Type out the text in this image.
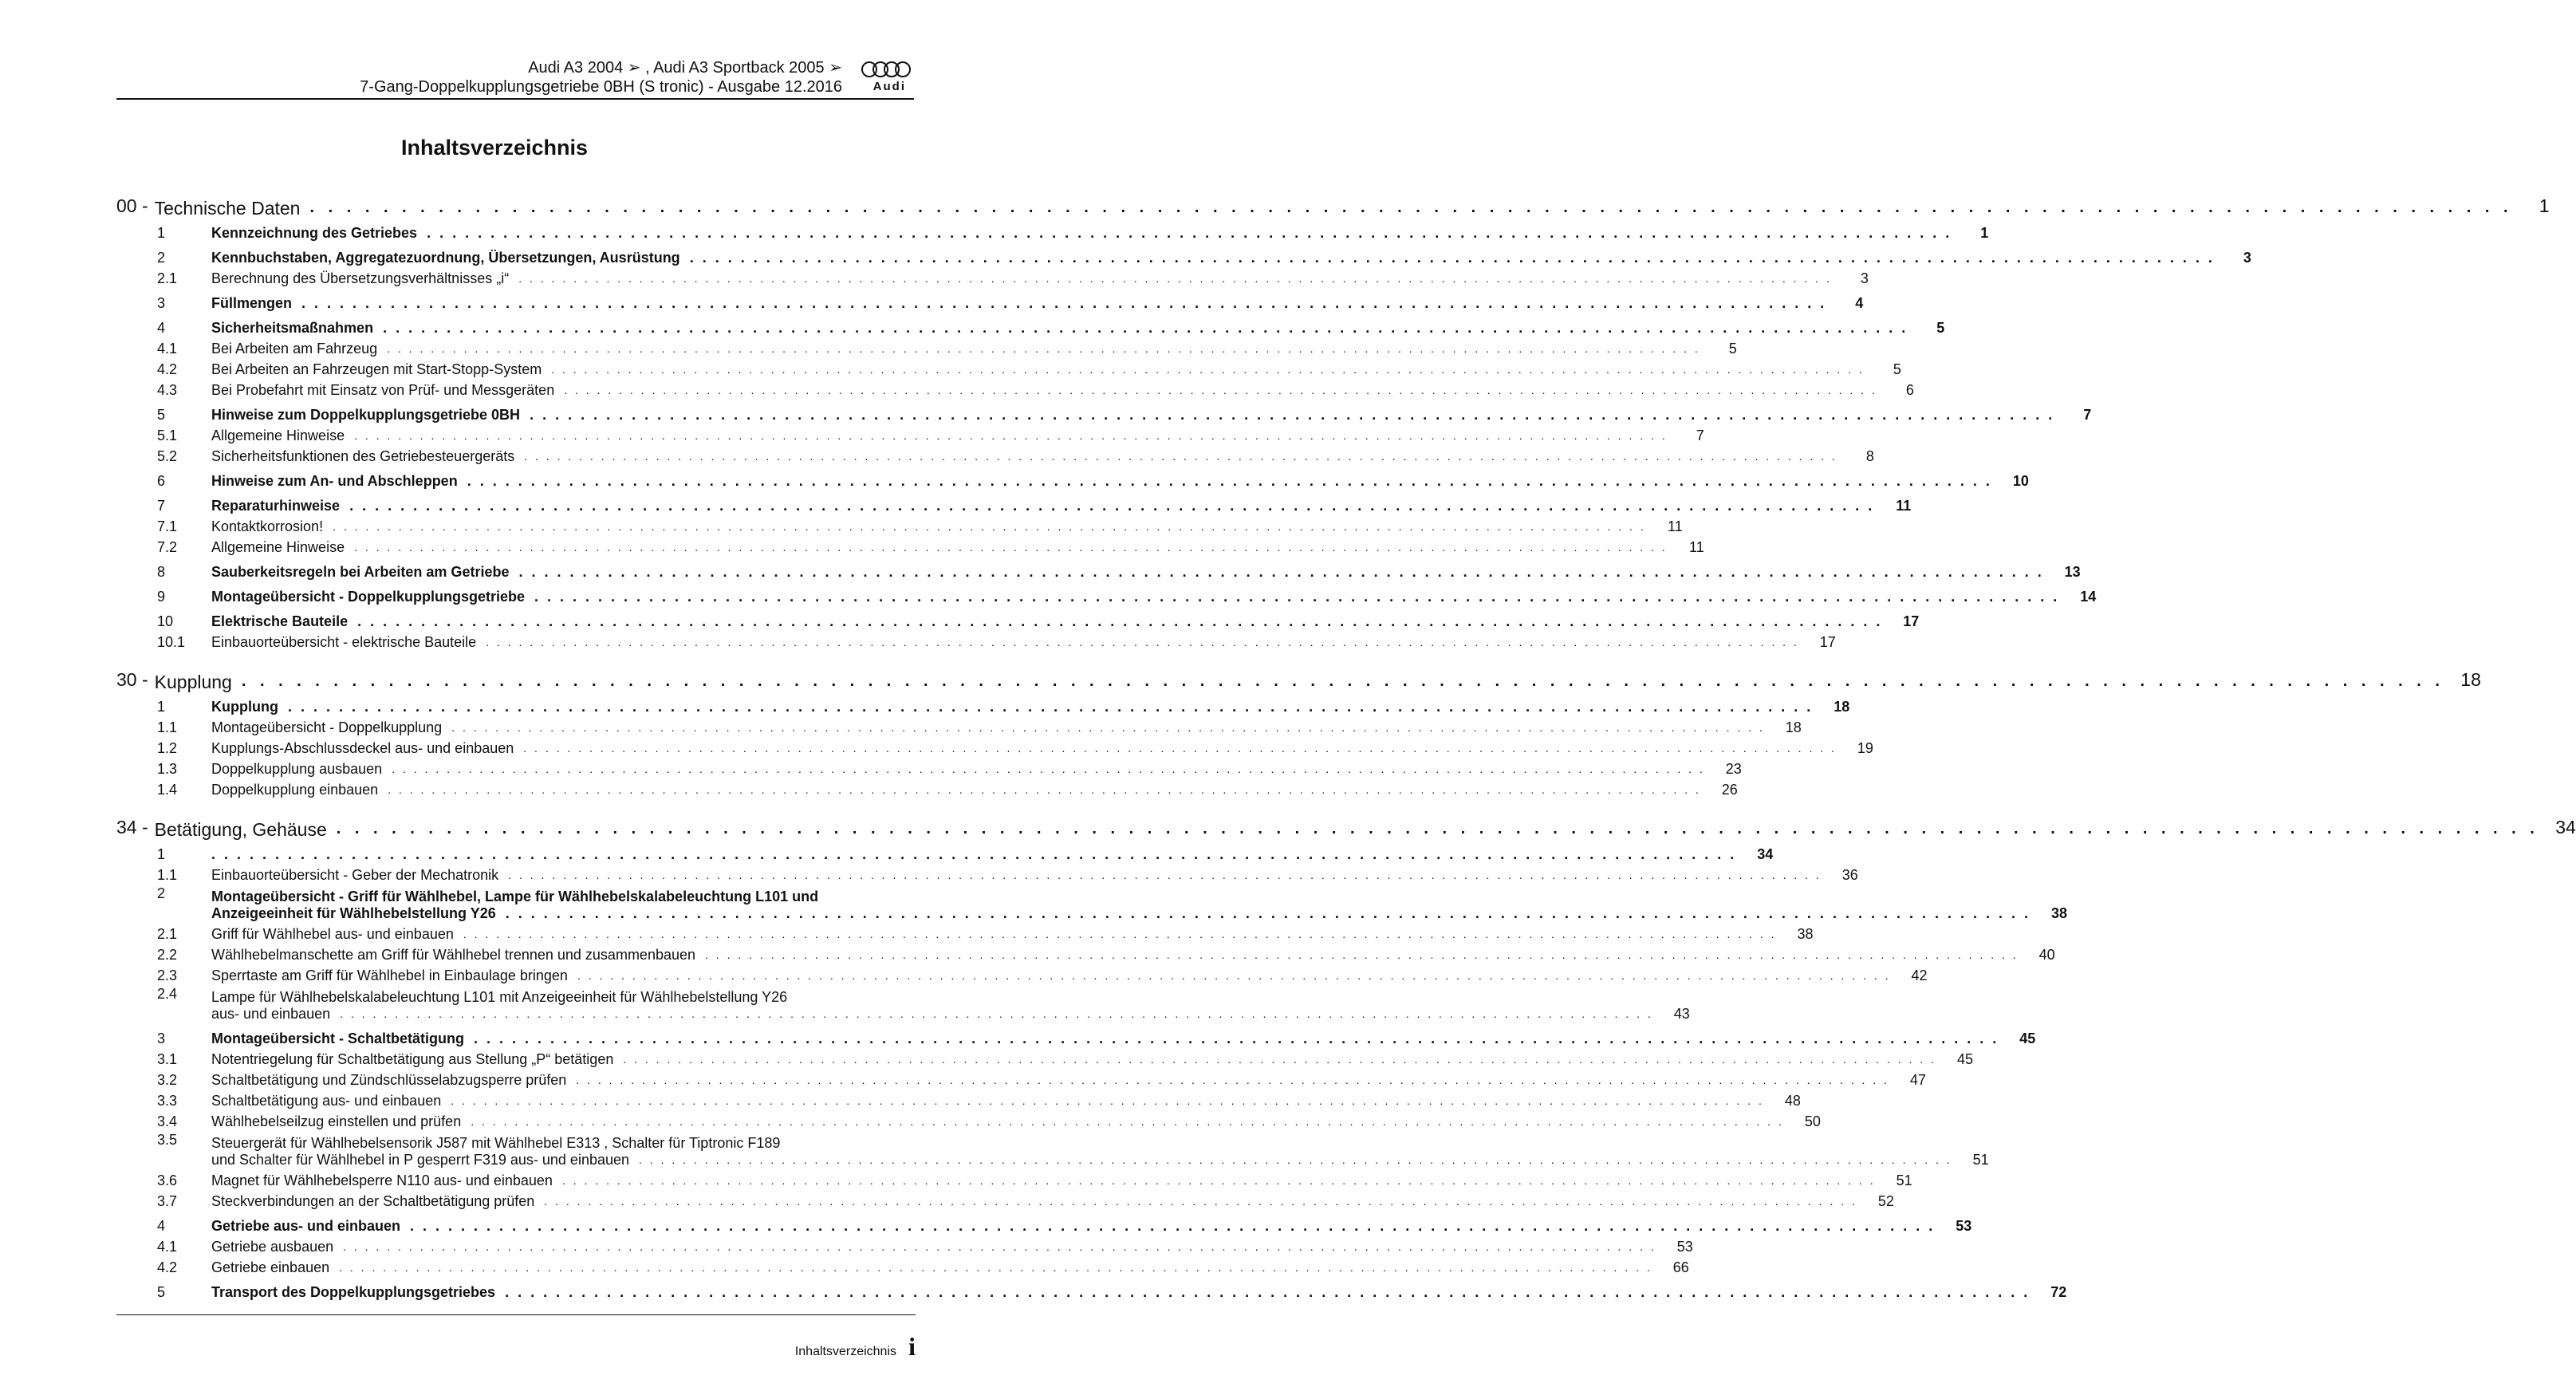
Audi A3 2004 ➢ , Audi A3 Sportback 2005 ➢
7-Gang-Doppelkupplungsgetriebe 0BH (S tronic) - Ausgabe 12.2016	Audi
Inhaltsverzeichnis
00 - Technische Daten . . . . . . . . . . . . . . . . . . . . . . . . . . . . . . . . . . . . . . . . . . . . . . . . . . . . . . . . . . . . . . . . . . . . . . . . . . . . . . . . . . . . . . . . . . . . . . . . . . . . . . . . . . . . . . . . . . . . . . . .	1
1	Kennzeichnung des Getriebes . . . . . . . . . . . . . . . . . . . . . . . . . . . . . . . . . . . . . . . . . . . . . . . . . . . . . . . . . . . . . . . . . . . . . . . . . . . . . . . . . . . . . . . . . . . . . . . . . . . . . . . . . . . . . . . . . . . . . . . .	1
2	Kennbuchstaben, Aggregatezuordnung, Übersetzungen, Ausrüstung . . . . . . . . . . . . . . . . . . . . . . . . . . . . . . . . . . . . . . . . . . . . . . . . . . . . . . . . . . . . . . . . . . . . . . . . . . . . . . . . . . . . . . . . . . . . . . . . . . . . . . . . . . . . . . . . . . . . . . . .	3
2.1	Berechnung des Übersetzungsverhältnisses „i“ . . . . . . . . . . . . . . . . . . . . . . . . . . . . . . . . . . . . . . . . . . . . . . . . . . . . . . . . . . . . . . . . . . . . . . . . . . . . . . . . . . . . . . . . . . . . . . . . . . . . . . . . . . . . . . . . . . . . . . . .	3
3	Füllmengen . . . . . . . . . . . . . . . . . . . . . . . . . . . . . . . . . . . . . . . . . . . . . . . . . . . . . . . . . . . . . . . . . . . . . . . . . . . . . . . . . . . . . . . . . . . . . . . . . . . . . . . . . . . . . . . . . . . . . . . .	4
4	Sicherheitsmaßnahmen . . . . . . . . . . . . . . . . . . . . . . . . . . . . . . . . . . . . . . . . . . . . . . . . . . . . . . . . . . . . . . . . . . . . . . . . . . . . . . . . . . . . . . . . . . . . . . . . . . . . . . . . . . . . . . . . . . . . . . . .	5
4.1	Bei Arbeiten am Fahrzeug . . . . . . . . . . . . . . . . . . . . . . . . . . . . . . . . . . . . . . . . . . . . . . . . . . . . . . . . . . . . . . . . . . . . . . . . . . . . . . . . . . . . . . . . . . . . . . . . . . . . . . . . . . . . . . . . . . . . . . . .	5
4.2	Bei Arbeiten an Fahrzeugen mit Start-Stopp-System . . . . . . . . . . . . . . . . . . . . . . . . . . . . . . . . . . . . . . . . . . . . . . . . . . . . . . . . . . . . . . . . . . . . . . . . . . . . . . . . . . . . . . . . . . . . . . . . . . . . . . . . . . . . . . . . . . . . . . . .	5
4.3	Bei Probefahrt mit Einsatz von Prüf- und Messgeräten . . . . . . . . . . . . . . . . . . . . . . . . . . . . . . . . . . . . . . . . . . . . . . . . . . . . . . . . . . . . . . . . . . . . . . . . . . . . . . . . . . . . . . . . . . . . . . . . . . . . . . . . . . . . . . . . . . . . . . . .	6
5	Hinweise zum Doppelkupplungsgetriebe 0BH . . . . . . . . . . . . . . . . . . . . . . . . . . . . . . . . . . . . . . . . . . . . . . . . . . . . . . . . . . . . . . . . . . . . . . . . . . . . . . . . . . . . . . . . . . . . . . . . . . . . . . . . . . . . . . . . . . . . . . . .	7
5.1	Allgemeine Hinweise . . . . . . . . . . . . . . . . . . . . . . . . . . . . . . . . . . . . . . . . . . . . . . . . . . . . . . . . . . . . . . . . . . . . . . . . . . . . . . . . . . . . . . . . . . . . . . . . . . . . . . . . . . . . . . . . . . . . . . . .	7
5.2	Sicherheitsfunktionen des Getriebesteuergeräts . . . . . . . . . . . . . . . . . . . . . . . . . . . . . . . . . . . . . . . . . . . . . . . . . . . . . . . . . . . . . . . . . . . . . . . . . . . . . . . . . . . . . . . . . . . . . . . . . . . . . . . . . . . . . . . . . . . . . . . .	8
6	Hinweise zum An- und Abschleppen . . . . . . . . . . . . . . . . . . . . . . . . . . . . . . . . . . . . . . . . . . . . . . . . . . . . . . . . . . . . . . . . . . . . . . . . . . . . . . . . . . . . . . . . . . . . . . . . . . . . . . . . . . . . . . . . . . . . . . . .	10
7	Reparaturhinweise . . . . . . . . . . . . . . . . . . . . . . . . . . . . . . . . . . . . . . . . . . . . . . . . . . . . . . . . . . . . . . . . . . . . . . . . . . . . . . . . . . . . . . . . . . . . . . . . . . . . . . . . . . . . . . . . . . . . . . . .	11
7.1	Kontaktkorrosion! . . . . . . . . . . . . . . . . . . . . . . . . . . . . . . . . . . . . . . . . . . . . . . . . . . . . . . . . . . . . . . . . . . . . . . . . . . . . . . . . . . . . . . . . . . . . . . . . . . . . . . . . . . . . . . . . . . . . . . . .	11
7.2	Allgemeine Hinweise . . . . . . . . . . . . . . . . . . . . . . . . . . . . . . . . . . . . . . . . . . . . . . . . . . . . . . . . . . . . . . . . . . . . . . . . . . . . . . . . . . . . . . . . . . . . . . . . . . . . . . . . . . . . . . . . . . . . . . . .	11
8	Sauberkeitsregeln bei Arbeiten am Getriebe . . . . . . . . . . . . . . . . . . . . . . . . . . . . . . . . . . . . . . . . . . . . . . . . . . . . . . . . . . . . . . . . . . . . . . . . . . . . . . . . . . . . . . . . . . . . . . . . . . . . . . . . . . . . . . . . . . . . . . . .	13
9	Montageübersicht - Doppelkupplungsgetriebe . . . . . . . . . . . . . . . . . . . . . . . . . . . . . . . . . . . . . . . . . . . . . . . . . . . . . . . . . . . . . . . . . . . . . . . . . . . . . . . . . . . . . . . . . . . . . . . . . . . . . . . . . . . . . . . . . . . . . . . .	14
10	Elektrische Bauteile . . . . . . . . . . . . . . . . . . . . . . . . . . . . . . . . . . . . . . . . . . . . . . . . . . . . . . . . . . . . . . . . . . . . . . . . . . . . . . . . . . . . . . . . . . . . . . . . . . . . . . . . . . . . . . . . . . . . . . . .	17
10.1	Einbauorteübersicht - elektrische Bauteile . . . . . . . . . . . . . . . . . . . . . . . . . . . . . . . . . . . . . . . . . . . . . . . . . . . . . . . . . . . . . . . . . . . . . . . . . . . . . . . . . . . . . . . . . . . . . . . . . . . . . . . . . . . . . . . . . . . . . . . .	17
30 - Kupplung . . . . . . . . . . . . . . . . . . . . . . . . . . . . . . . . . . . . . . . . . . . . . . . . . . . . . . . . . . . . . . . . . . . . . . . . . . . . . . . . . . . . . . . . . . . . . . . . . . . . . . . . . . . . . . . . . . . . . . . . 18
1	Kupplung . . . . . . . . . . . . . . . . . . . . . . . . . . . . . . . . . . . . . . . . . . . . . . . . . . . . . . . . . . . . . . . . . . . . . . . . . . . . . . . . . . . . . . . . . . . . . . . . . . . . . . . . . . . . . . . . . . . . . . . .	18
1.1	Montageübersicht - Doppelkupplung . . . . . . . . . . . . . . . . . . . . . . . . . . . . . . . . . . . . . . . . . . . . . . . . . . . . . . . . . . . . . . . . . . . . . . . . . . . . . . . . . . . . . . . . . . . . . . . . . . . . . . . . . . . . . . . . . . . . . . . .	18
1.2	Kupplungs-Abschlussdeckel aus- und einbauen . . . . . . . . . . . . . . . . . . . . . . . . . . . . . . . . . . . . . . . . . . . . . . . . . . . . . . . . . . . . . . . . . . . . . . . . . . . . . . . . . . . . . . . . . . . . . . . . . . . . . . . . . . . . . . . . . . . . . . . .	19
1.3	Doppelkupplung ausbauen . . . . . . . . . . . . . . . . . . . . . . . . . . . . . . . . . . . . . . . . . . . . . . . . . . . . . . . . . . . . . . . . . . . . . . . . . . . . . . . . . . . . . . . . . . . . . . . . . . . . . . . . . . . . . . . . . . . . . . . .	23
1.4	Doppelkupplung einbauen . . . . . . . . . . . . . . . . . . . . . . . . . . . . . . . . . . . . . . . . . . . . . . . . . . . . . . . . . . . . . . . . . . . . . . . . . . . . . . . . . . . . . . . . . . . . . . . . . . . . . . . . . . . . . . . . . . . . . . . .	26
34 - Betätigung, Gehäuse . . . . . . . . . . . . . . . . . . . . . . . . . . . . . . . . . . . . . . . . . . . . . . . . . . . . . . . . . . . . . . . . . . . . . . . . . . . . . . . . . . . . . . . . . . . . . . . . . . . . . . . . . . . . . . . . . . . . . . . . 34
1	. . . . . . . . . . . . . . . . . . . . . . . . . . . . . . . . . . . . . . . . . . . . . . . . . . . . . . . . . . . . . . . . . . . . . . . . . . . . . . . . . . . . . . . . . . . . . . . . . . . . . . . . . . . . . . . . . . . . . . . .	34
1.1	Einbauorteübersicht - Geber der Mechatronik . . . . . . . . . . . . . . . . . . . . . . . . . . . . . . . . . . . . . . . . . . . . . . . . . . . . . . . . . . . . . . . . . . . . . . . . . . . . . . . . . . . . . . . . . . . . . . . . . . . . . . . . . . . . . . . . . . . . . . . .	36
2	Montageübersicht - Griff für Wählhebel, Lampe für Wählhebelskalabeleuchtung L101 und
Anzeigeeinheit für Wählhebelstellung Y26 . . . . . . . . . . . . . . . . . . . . . . . . . . . . . . . . . . . . . . . . . . . . . . . . . . . . . . . . . . . . . . . . . . . . . . . . . . . . . . . . . . . . . . . . . . . . . . . . . . . . . . . . . . . . . . . . . . . . . . . .	38
2.1	Griff für Wählhebel aus- und einbauen . . . . . . . . . . . . . . . . . . . . . . . . . . . . . . . . . . . . . . . . . . . . . . . . . . . . . . . . . . . . . . . . . . . . . . . . . . . . . . . . . . . . . . . . . . . . . . . . . . . . . . . . . . . . . . . . . . . . . . . .	38
2.2	Wählhebelmanschette am Griff für Wählhebel trennen und zusammenbauen . . . . . . . . . . . . . . . . . . . . . . . . . . . . . . . . . . . . . . . . . . . . . . . . . . . . . . . . . . . . . . . . . . . . . . . . . . . . . . . . . . . . . . . . . . . . . . . . . . . . . . . . . . . . . . . . . . . . . . . .	40
2.3	Sperrtaste am Griff für Wählhebel in Einbaulage bringen . . . . . . . . . . . . . . . . . . . . . . . . . . . . . . . . . . . . . . . . . . . . . . . . . . . . . . . . . . . . . . . . . . . . . . . . . . . . . . . . . . . . . . . . . . . . . . . . . . . . . . . . . . . . . . . . . . . . . . . .	42
2.4	Lampe für Wählhebelskalabeleuchtung L101 mit Anzeigeeinheit für Wählhebelstellung Y26
aus- und einbauen . . . . . . . . . . . . . . . . . . . . . . . . . . . . . . . . . . . . . . . . . . . . . . . . . . . . . . . . . . . . . . . . . . . . . . . . . . . . . . . . . . . . . . . . . . . . . . . . . . . . . . . . . . . . . . . . . . . . . . . .	43
3	Montageübersicht - Schaltbetätigung . . . . . . . . . . . . . . . . . . . . . . . . . . . . . . . . . . . . . . . . . . . . . . . . . . . . . . . . . . . . . . . . . . . . . . . . . . . . . . . . . . . . . . . . . . . . . . . . . . . . . . . . . . . . . . . . . . . . . . . .	45
3.1	Notentriegelung für Schaltbetätigung aus Stellung „P“ betätigen . . . . . . . . . . . . . . . . . . . . . . . . . . . . . . . . . . . . . . . . . . . . . . . . . . . . . . . . . . . . . . . . . . . . . . . . . . . . . . . . . . . . . . . . . . . . . . . . . . . . . . . . . . . . . . . . . . . . . . . .	45
3.2	Schaltbetätigung und Zündschlüsselabzugsperre prüfen . . . . . . . . . . . . . . . . . . . . . . . . . . . . . . . . . . . . . . . . . . . . . . . . . . . . . . . . . . . . . . . . . . . . . . . . . . . . . . . . . . . . . . . . . . . . . . . . . . . . . . . . . . . . . . . . . . . . . . . .	47
3.3	Schaltbetätigung aus- und einbauen . . . . . . . . . . . . . . . . . . . . . . . . . . . . . . . . . . . . . . . . . . . . . . . . . . . . . . . . . . . . . . . . . . . . . . . . . . . . . . . . . . . . . . . . . . . . . . . . . . . . . . . . . . . . . . . . . . . . . . . .	48
3.4	Wählhebelseilzug einstellen und prüfen . . . . . . . . . . . . . . . . . . . . . . . . . . . . . . . . . . . . . . . . . . . . . . . . . . . . . . . . . . . . . . . . . . . . . . . . . . . . . . . . . . . . . . . . . . . . . . . . . . . . . . . . . . . . . . . . . . . . . . . .	50
3.5	Steuergerät für Wählhebelsensorik J587 mit Wählhebel E313 , Schalter für Tiptronic F189
und Schalter für Wählhebel in P gesperrt F319 aus- und einbauen . . . . . . . . . . . . . . . . . . . . . . . . . . . . . . . . . . . . . . . . . . . . . . . . . . . . . . . . . . . . . . . . . . . . . . . . . . . . . . . . . . . . . . . . . . . . . . . . . . . . . . . . . . . . . . . . . . . . . . . .	51
3.6	Magnet für Wählhebelsperre N110 aus- und einbauen . . . . . . . . . . . . . . . . . . . . . . . . . . . . . . . . . . . . . . . . . . . . . . . . . . . . . . . . . . . . . . . . . . . . . . . . . . . . . . . . . . . . . . . . . . . . . . . . . . . . . . . . . . . . . . . . . . . . . . . .	51
3.7	Steckverbindungen an der Schaltbetätigung prüfen . . . . . . . . . . . . . . . . . . . . . . . . . . . . . . . . . . . . . . . . . . . . . . . . . . . . . . . . . . . . . . . . . . . . . . . . . . . . . . . . . . . . . . . . . . . . . . . . . . . . . . . . . . . . . . . . . . . . . . . .	52
4	Getriebe aus- und einbauen . . . . . . . . . . . . . . . . . . . . . . . . . . . . . . . . . . . . . . . . . . . . . . . . . . . . . . . . . . . . . . . . . . . . . . . . . . . . . . . . . . . . . . . . . . . . . . . . . . . . . . . . . . . . . . . . . . . . . . . .	53
4.1	Getriebe ausbauen . . . . . . . . . . . . . . . . . . . . . . . . . . . . . . . . . . . . . . . . . . . . . . . . . . . . . . . . . . . . . . . . . . . . . . . . . . . . . . . . . . . . . . . . . . . . . . . . . . . . . . . . . . . . . . . . . . . . . . . .	53
4.2	Getriebe einbauen . . . . . . . . . . . . . . . . . . . . . . . . . . . . . . . . . . . . . . . . . . . . . . . . . . . . . . . . . . . . . . . . . . . . . . . . . . . . . . . . . . . . . . . . . . . . . . . . . . . . . . . . . . . . . . . . . . . . . . . .	66
5	Transport des Doppelkupplungsgetriebes . . . . . . . . . . . . . . . . . . . . . . . . . . . . . . . . . . . . . . . . . . . . . . . . . . . . . . . . . . . . . . . . . . . . . . . . . . . . . . . . . . . . . . . . . . . . . . . . . . . . . . . . . . . . . . . . . . . . . . . .	72
Inhaltsverzeichnis i
